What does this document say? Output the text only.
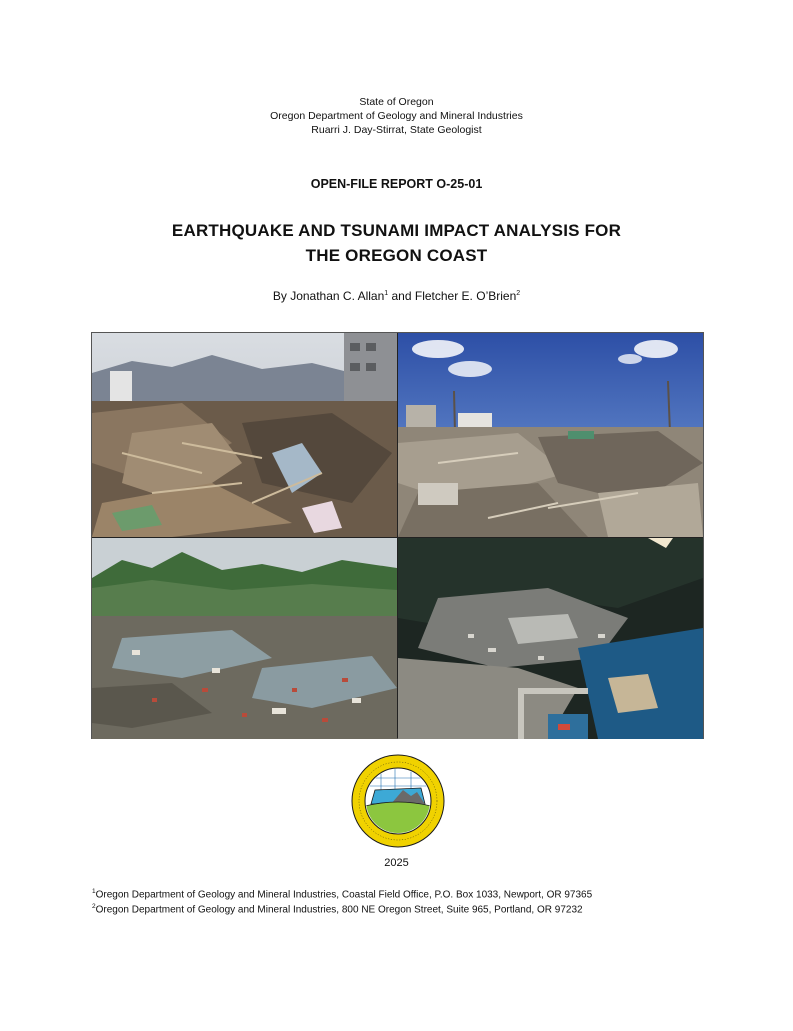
State of Oregon
Oregon Department of Geology and Mineral Industries
Ruarri J. Day-Stirrat, State Geologist
OPEN-FILE REPORT O-25-01
EARTHQUAKE AND TSUNAMI IMPACT ANALYSIS FOR
THE OREGON COAST
By Jonathan C. Allan$^1$ and Fletcher E. O’Brien$^2$
2025
$^1$Oregon Department of Geology and Mineral Industries, Coastal Field Office, P.O. Box 1033, Newport, OR 97365
$^2$Oregon Department of Geology and Mineral Industries, 800 NE Oregon Street, Suite 965, Portland, OR 97232
